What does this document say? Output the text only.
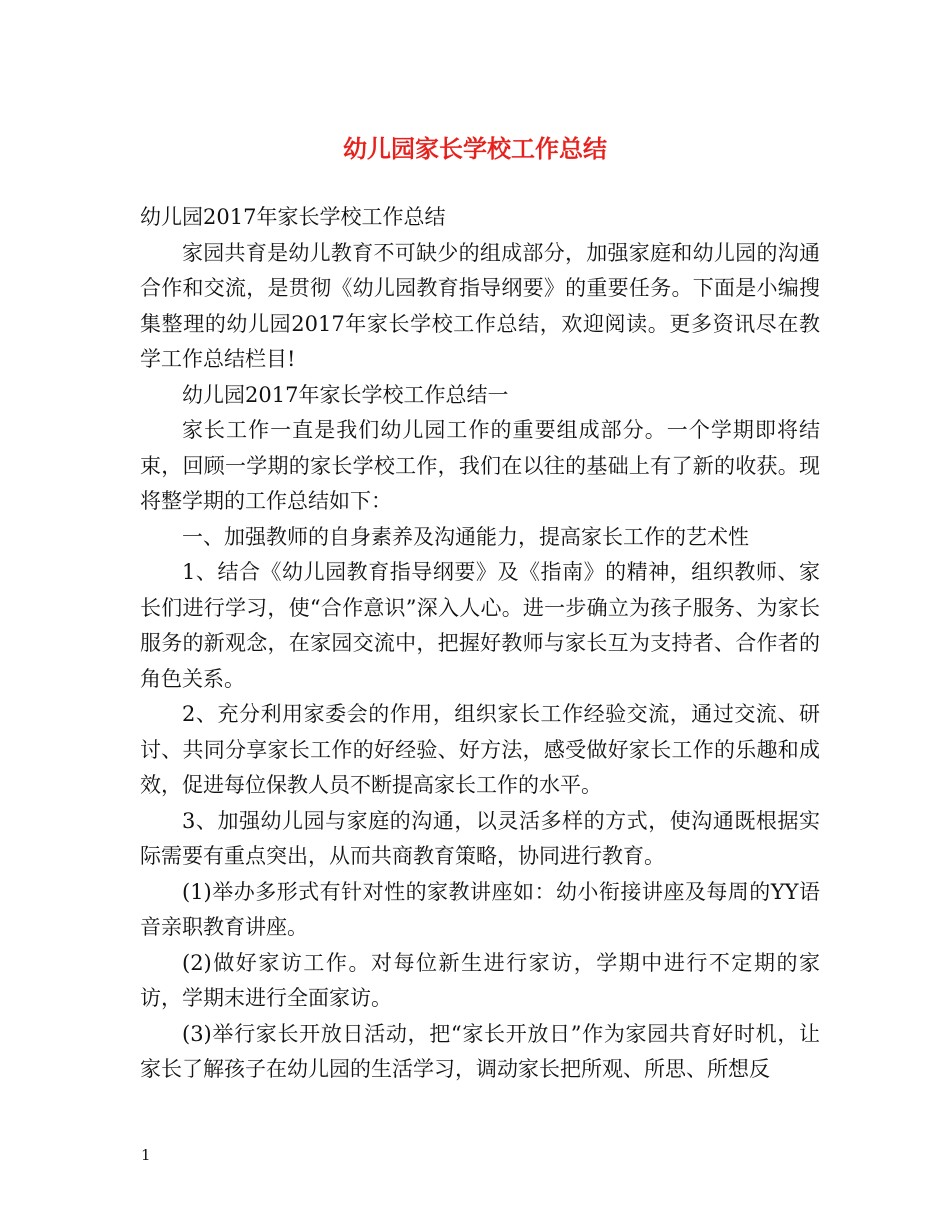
幼儿园家长学校工作总结

幼儿园2017年家长学校工作总结

家园共育是幼儿教育不可缺少的组成部分，加强家庭和幼儿园的沟通合作和交流，是贯彻《幼儿园教育指导纲要》的重要任务。下面是小编搜集整理的幼儿园2017年家长学校工作总结，欢迎阅读。更多资讯尽在教学工作总结栏目!

幼儿园2017年家长学校工作总结一

家长工作一直是我们幼儿园工作的重要组成部分。一个学期即将结束，回顾一学期的家长学校工作，我们在以往的基础上有了新的收获。现将整学期的工作总结如下：

一、加强教师的自身素养及沟通能力，提高家长工作的艺术性

1、结合《幼儿园教育指导纲要》及《指南》的精神，组织教师、家长们进行学习，使“合作意识”深入人心。进一步确立为孩子服务、为家长服务的新观念，在家园交流中，把握好教师与家长互为支持者、合作者的角色关系。

2、充分利用家委会的作用，组织家长工作经验交流，通过交流、研讨、共同分享家长工作的好经验、好方法，感受做好家长工作的乐趣和成效，促进每位保教人员不断提高家长工作的水平。

3、加强幼儿园与家庭的沟通，以灵活多样的方式，使沟通既根据实际需要有重点突出，从而共商教育策略，协同进行教育。

(1)举办多形式有针对性的家教讲座如：幼小衔接讲座及每周的YY语音亲职教育讲座。

(2)做好家访工作。对每位新生进行家访，学期中进行不定期的家访，学期末进行全面家访。

(3)举行家长开放日活动，把“家长开放日”作为家园共育好时机，让家长了解孩子在幼儿园的生活学习，调动家长把所观、所思、所想反

1
